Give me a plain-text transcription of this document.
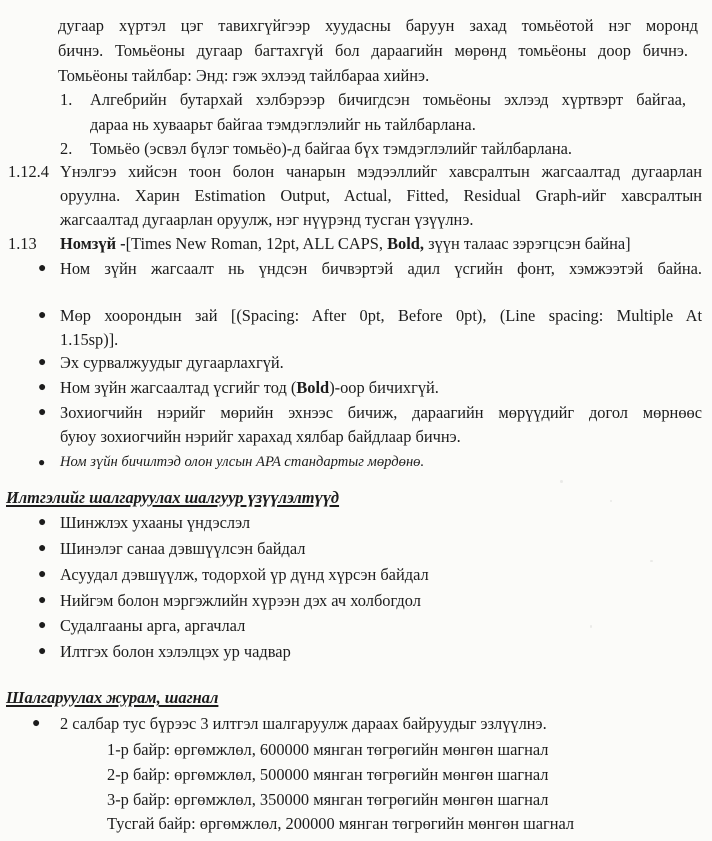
дугаар хүртэл цэг тавихгүйгээр хуудасны баруун захад томьёотой нэг моронд
бичнэ. Томьёоны дугаар багтахгүй бол дараагийн мөрөнд томьёоны доор бичнэ.
Томьёоны тайлбар: Энд: гэж эхлээд тайлбараа хийнэ.
1. Алгебрийн бутархай хэлбэрээр бичигдсэн томьёоны эхлээд хүртвэрт байгаа,
дараа нь хуваарьт байгаа тэмдэглэлийг нь тайлбарлана.
2. Томьёо (эсвэл бүлэг томьёо)-д байгаа бүх тэмдэглэлийг тайлбарлана.
1.12.4 Үнэлгээ хийсэн тоон болон чанарын мэдээллийг хавсралтын жагсаалтад дугаарлан
оруулна. Харин Estimation Output, Actual, Fitted, Residual Graph-ийг хавсралтын
жагсаалтад дугаарлан оруулж, нэг нүүрэнд тусган үзүүлнэ.
1.13 Номзүй -[Times New Roman, 12pt, ALL CAPS, Bold, зүүн талаас зэрэгцсэн байна]
● Ном зүйн жагсаалт нь үндсэн бичвэртэй адил үсгийн фонт, хэмжээтэй байна.
● Мөр хоорондын зай [(Spacing: After 0pt, Before 0pt), (Line spacing: Multiple At
1.15sp)].
● Эх сурвалжуудыг дугаарлахгүй.
● Ном зүйн жагсаалтад үсгийг тод (Bold)-оор бичихгүй.
● Зохиогчийн нэрийг мөрийн эхнээс бичиж, дараагийн мөрүүдийг догол мөрнөөс
буюу зохиогчийн нэрийг харахад хялбар байдлаар бичнэ.
● Ном зүйн бичилтэд олон улсын APA стандартыг мөрдөнө.
Илтгэлийг шалгаруулах шалгуур үзүүлэлтүүд
● Шинжлэх ухааны үндэслэл
● Шинэлэг санаа дэвшүүлсэн байдал
● Асуудал дэвшүүлж, тодорхой үр дүнд хүрсэн байдал
● Нийгэм болон мэргэжлийн хүрээн дэх ач холбогдол
● Судалгааны арга, аргачлал
● Илтгэх болон хэлэлцэх ур чадвар
Шалгаруулах журам, шагнал
● 2 салбар тус бүрээс 3 илтгэл шалгаруулж дараах байруудыг эзлүүлнэ.
1-р байр: өргөмжлөл, 600000 мянган төгрөгийн мөнгөн шагнал
2-р байр: өргөмжлөл, 500000 мянган төгрөгийн мөнгөн шагнал
3-р байр: өргөмжлөл, 350000 мянган төгрөгийн мөнгөн шагнал
Тусгай байр: өргөмжлөл, 200000 мянган төгрөгийн мөнгөн шагнал
